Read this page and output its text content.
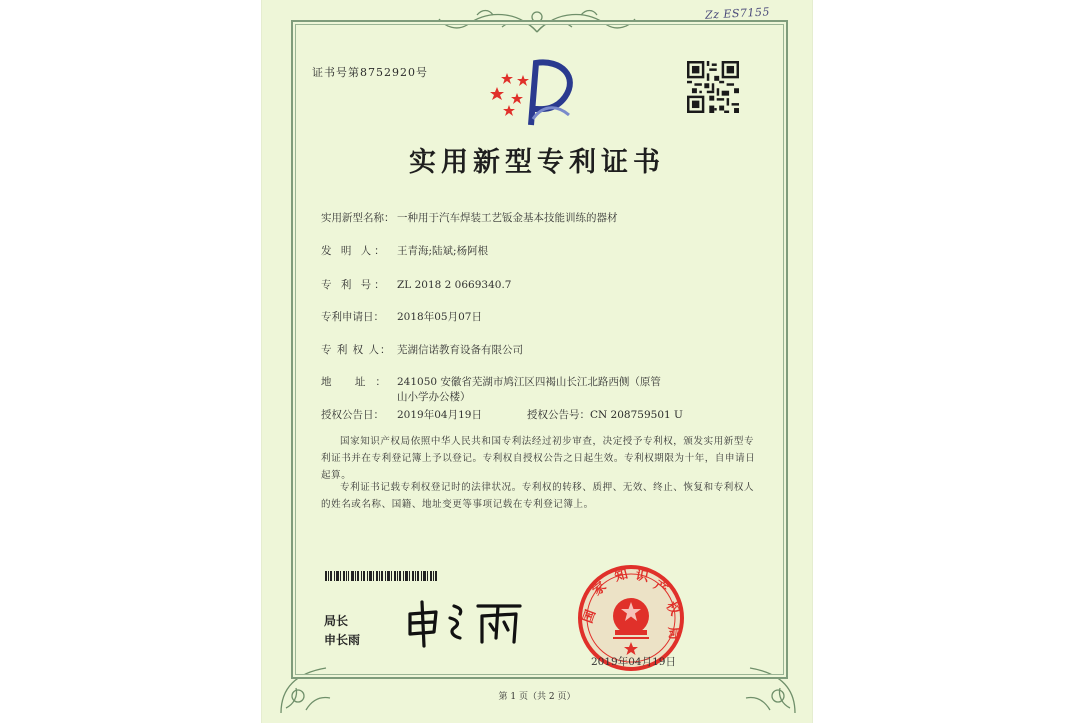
Zz ES7155
证书号第8752920号
实用新型专利证书
实用新型名称： 一种用于汽车焊装工艺钣金基本技能训练的器材
发 明 人： 王青海;陆斌;杨阿根
专 利 号： ZL 2018 2 0669340.7
专利申请日： 2018年05月07日
专 利 权 人： 芜湖信诺教育设备有限公司
地 址：241050 安徽省芜湖市鸠江区四褐山长江北路西侧（原管
山小学办公楼）
授权公告日： 2019年04月19日	授权公告号：CN 208759501 U
国家知识产权局依照中华人民共和国专利法经过初步审查，决定授予专利权，颁发实用新型专利证书并在专利登记簿上予以登记。专利权自授权公告之日起生效。专利权期限为十年，自申请日起算。
专利证书记载专利权登记时的法律状况。专利权的转移、质押、无效、终止、恢复和专利权人的姓名或名称、国籍、地址变更等事项记载在专利登记簿上。
局长
申长雨
国
家
知 识
产
权
局
2019年04月19日
第 1 页（共 2 页）
